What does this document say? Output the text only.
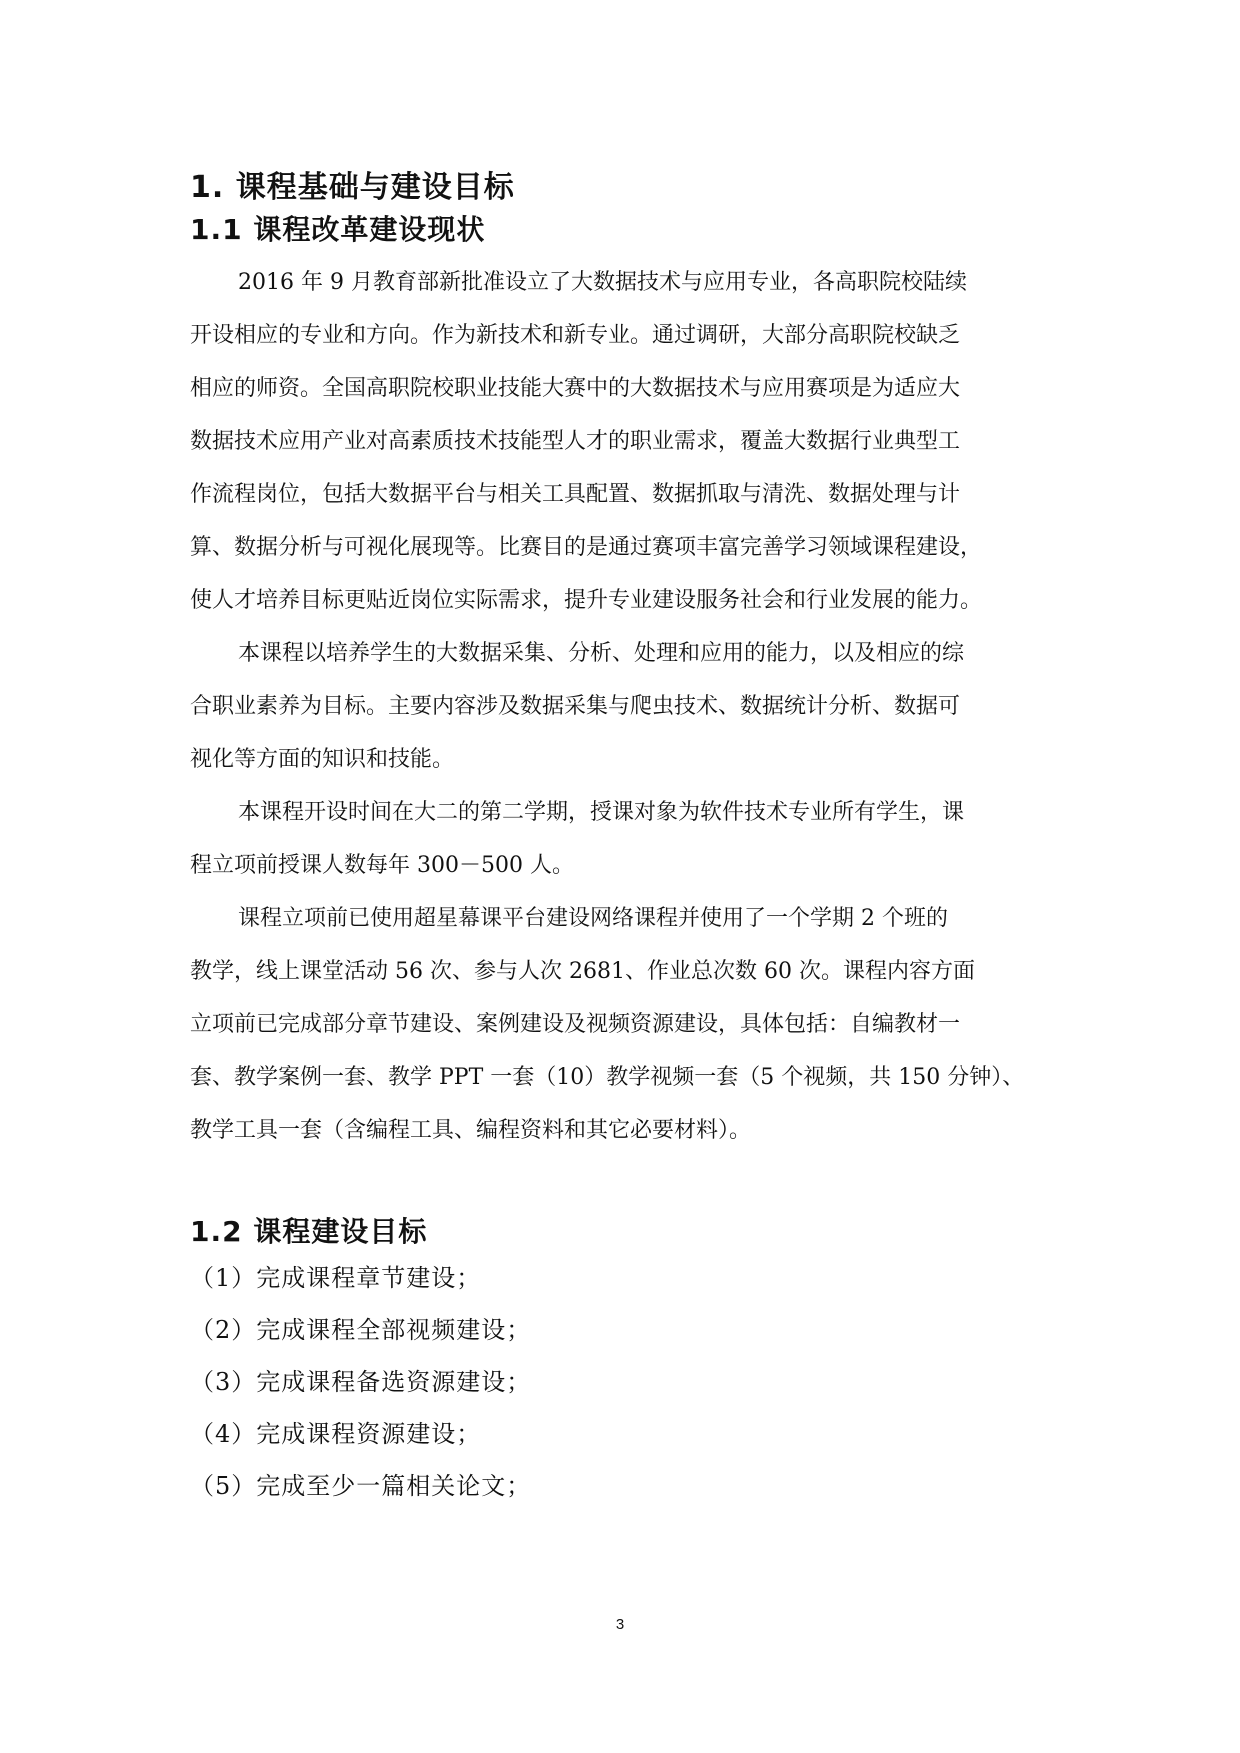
1. 课程基础与建设目标
1.1 课程改革建设现状
2016 年 9 月教育部新批准设立了大数据技术与应用专业，各高职院校陆续
开设相应的专业和方向。作为新技术和新专业。通过调研，大部分高职院校缺乏
相应的师资。全国高职院校职业技能大赛中的大数据技术与应用赛项是为适应大
数据技术应用产业对高素质技术技能型人才的职业需求，覆盖大数据行业典型工
作流程岗位，包括大数据平台与相关工具配置、数据抓取与清洗、数据处理与计
算、数据分析与可视化展现等。比赛目的是通过赛项丰富完善学习领域课程建设，
使人才培养目标更贴近岗位实际需求，提升专业建设服务社会和行业发展的能力。
本课程以培养学生的大数据采集、分析、处理和应用的能力，以及相应的综
合职业素养为目标。主要内容涉及数据采集与爬虫技术、数据统计分析、数据可
视化等方面的知识和技能。
本课程开设时间在大二的第二学期，授课对象为软件技术专业所有学生，课
程立项前授课人数每年 300－500 人。
课程立项前已使用超星幕课平台建设网络课程并使用了一个学期 2 个班的
教学，线上课堂活动 56 次、参与人次 2681、作业总次数 60 次。课程内容方面
立项前已完成部分章节建设、案例建设及视频资源建设，具体包括：自编教材一
套、教学案例一套、教学 PPT 一套（10）教学视频一套（5 个视频，共 150 分钟）、
教学工具一套（含编程工具、编程资料和其它必要材料）。
1.2 课程建设目标
（1）完成课程章节建设；
（2）完成课程全部视频建设；
（3）完成课程备选资源建设；
（4）完成课程资源建设；
（5）完成至少一篇相关论文；
3
